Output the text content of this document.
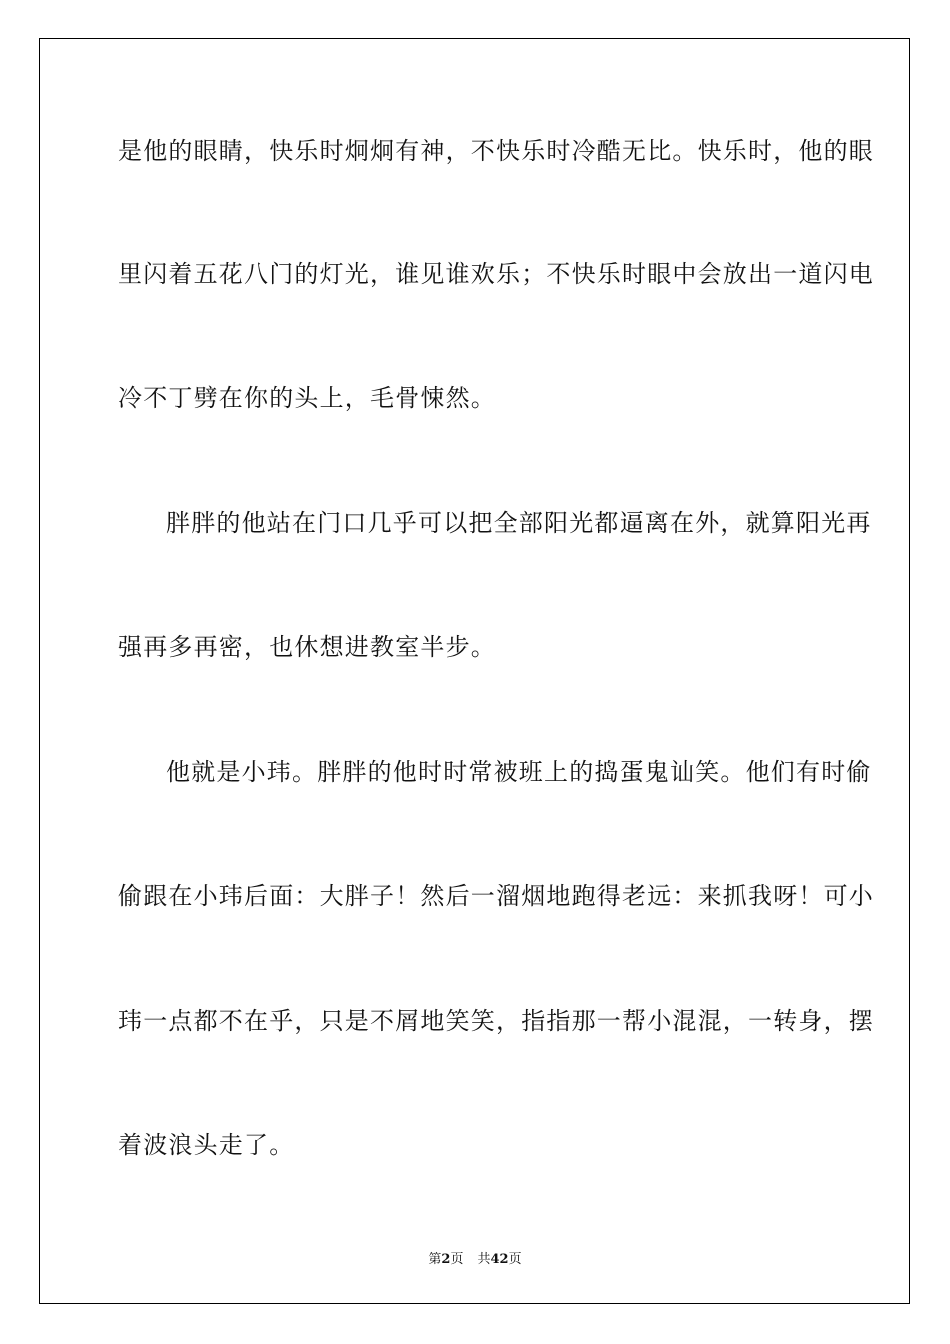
是他的眼睛，快乐时炯炯有神，不快乐时冷酷无比。快乐时，他的眼
里闪着五花八门的灯光，谁见谁欢乐；不快乐时眼中会放出一道闪电
冷不丁劈在你的头上，毛骨悚然。
胖胖的他站在门口几乎可以把全部阳光都逼离在外，就算阳光再
强再多再密，也休想进教室半步。
他就是小玮。胖胖的他时时常被班上的捣蛋鬼讪笑。他们有时偷
偷跟在小玮后面：大胖子！然后一溜烟地跑得老远：来抓我呀！可小
玮一点都不在乎，只是不屑地笑笑，指指那一帮小混混，一转身，摆
着波浪头走了。
第2页 共42页
